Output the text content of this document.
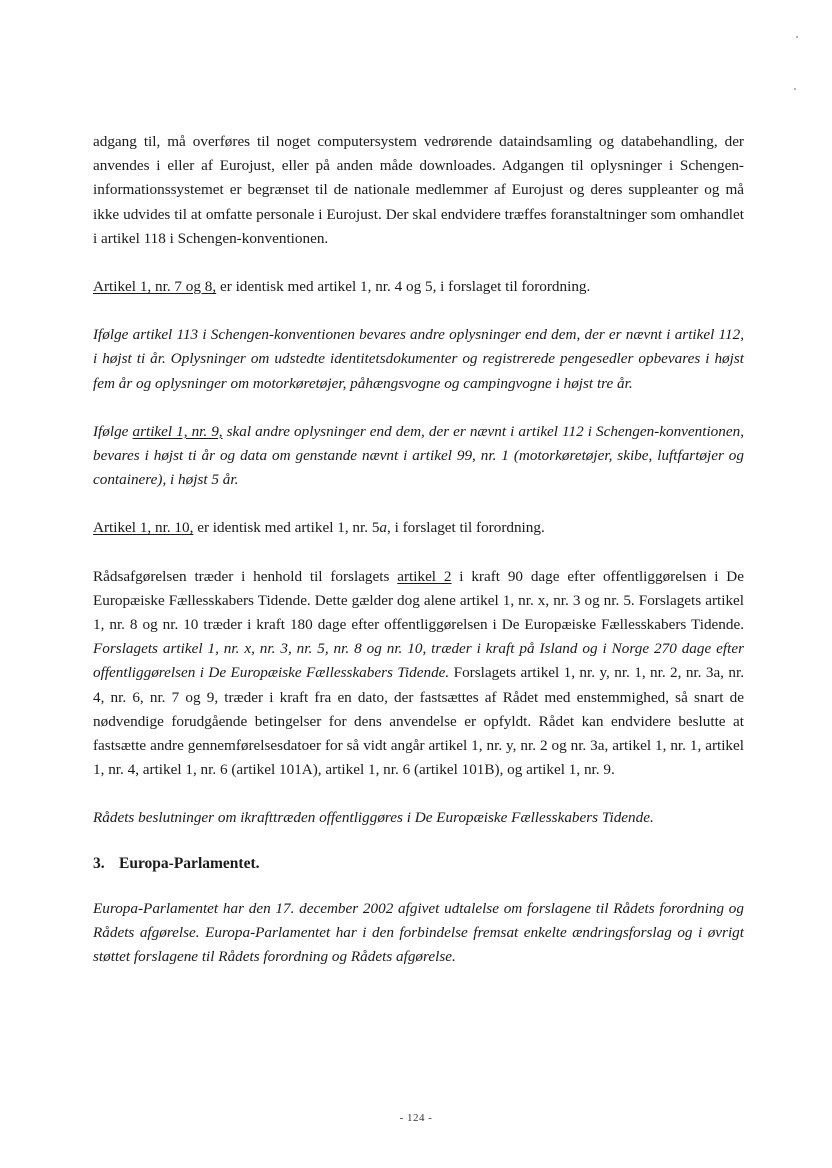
adgang til, må overføres til noget computersystem vedrørende dataindsamling og databehandling, der anvendes i eller af Eurojust, eller på anden måde downloades. Adgangen til oplysninger i Schengen-informationssystemet er begrænset til de nationale medlemmer af Eurojust og deres suppleanter og må ikke udvides til at omfatte personale i Eurojust. Der skal endvidere træffes foranstaltninger som omhandlet i artikel 118 i Schengen-konventionen.

Artikel 1, nr. 7 og 8, er identisk med artikel 1, nr. 4 og 5, i forslaget til forordning.

Ifølge artikel 113 i Schengen-konventionen bevares andre oplysninger end dem, der er nævnt i artikel 112, i højst ti år. Oplysninger om udstedte identitetsdokumenter og registrerede pengesedler opbevares i højst fem år og oplysninger om motorkøretøjer, påhængsvogne og campingvogne i højst tre år.

Ifølge artikel 1, nr. 9, skal andre oplysninger end dem, der er nævnt i artikel 112 i Schengen-konventionen, bevares i højst ti år og data om genstande nævnt i artikel 99, nr. 1 (motorkøretøjer, skibe, luftfartøjer og containere), i højst 5 år.

Artikel 1, nr. 10, er identisk med artikel 1, nr. 5a, i forslaget til forordning.

Rådsafgørelsen træder i henhold til forslagets artikel 2 i kraft 90 dage efter offentliggørelsen i De Europæiske Fællesskabers Tidende. Dette gælder dog alene artikel 1, nr. x, nr. 3 og nr. 5. Forslagets artikel 1, nr. 8 og nr. 10 træder i kraft 180 dage efter offentliggørelsen i De Europæiske Fællesskabers Tidende. Forslagets artikel 1, nr. x, nr. 3, nr. 5, nr. 8 og nr. 10, træder i kraft på Island og i Norge 270 dage efter offentliggørelsen i De Europæiske Fællesskabers Tidende. Forslagets artikel 1, nr. y, nr. 1, nr. 2, nr. 3a, nr. 4, nr. 6, nr. 7 og 9, træder i kraft fra en dato, der fastsættes af Rådet med enstemmighed, så snart de nødvendige forudgående betingelser for dens anvendelse er opfyldt. Rådet kan endvidere beslutte at fastsætte andre gennemførelsesdatoer for så vidt angår artikel 1, nr. y, nr. 2 og nr. 3a, artikel 1, nr. 1, artikel 1, nr. 4, artikel 1, nr. 6 (artikel 101A), artikel 1, nr. 6 (artikel 101B), og artikel 1, nr. 9.

Rådets beslutninger om ikrafttræden offentliggøres i De Europæiske Fællesskabers Tidende.

3. Europa-Parlamentet.

Europa-Parlamentet har den 17. december 2002 afgivet udtalelse om forslagene til Rådets forordning og Rådets afgørelse. Europa-Parlamentet har i den forbindelse fremsat enkelte ændringsforslag og i øvrigt støttet forslagene til Rådets forordning og Rådets afgørelse.

- 124 -
